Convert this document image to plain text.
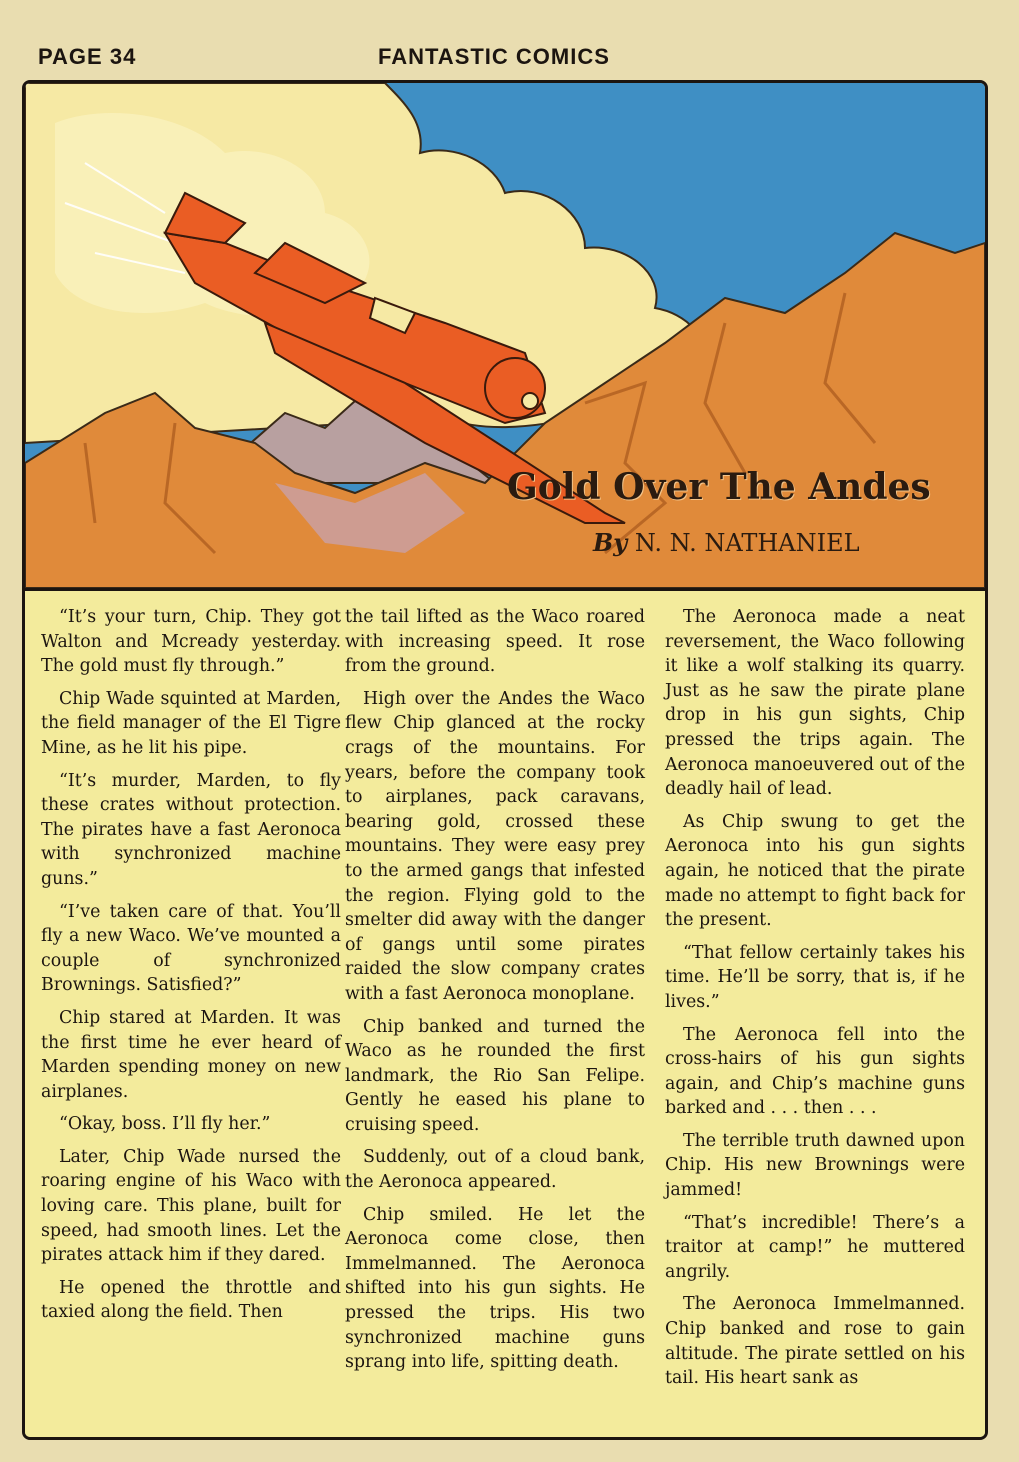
PAGE 34	FANTASTIC COMICS
Gold Over The Andes
By N. N. NATHANIEL

“It’s your turn, Chip. They got Walton and Mcready yesterday. The gold must fly through.”

Chip Wade squinted at Marden, the field manager of the El Tigre Mine, as he lit his pipe.

“It’s murder, Marden, to fly these crates without protection. The pirates have a fast Aeronoca with synchronized machine guns.”

“I’ve taken care of that. You’ll fly a new Waco. We’ve mounted a couple of synchronized Brownings. Satisfied?”

Chip stared at Marden. It was the first time he ever heard of Marden spending money on new airplanes.

“Okay, boss. I’ll fly her.”

Later, Chip Wade nursed the roaring engine of his Waco with loving care. This plane, built for speed, had smooth lines. Let the pirates attack him if they dared.

He opened the throttle and taxied along the field. Then

the tail lifted as the Waco roared with increasing speed. It rose from the ground.

High over the Andes the Waco flew Chip glanced at the rocky crags of the mountains. For years, before the company took to airplanes, pack caravans, bearing gold, crossed these mountains. They were easy prey to the armed gangs that infested the region. Flying gold to the smelter did away with the danger of gangs until some pirates raided the slow company crates with a fast Aeronoca monoplane.

Chip banked and turned the Waco as he rounded the first landmark, the Rio San Felipe. Gently he eased his plane to cruising speed.

Suddenly, out of a cloud bank, the Aeronoca appeared.

Chip smiled. He let the Aeronoca come close, then Immelmanned. The Aeronoca shifted into his gun sights. He pressed the trips. His two synchronized machine guns sprang into life, spitting death.

The Aeronoca made a neat reversement, the Waco following it like a wolf stalking its quarry. Just as he saw the pirate plane drop in his gun sights, Chip pressed the trips again. The Aeronoca manoeuvered out of the deadly hail of lead.

As Chip swung to get the Aeronoca into his gun sights again, he noticed that the pirate made no attempt to fight back for the present.

“That fellow certainly takes his time. He’ll be sorry, that is, if he lives.”

The Aeronoca fell into the cross-hairs of his gun sights again, and Chip’s machine guns barked and . . . then . . .

The terrible truth dawned upon Chip. His new Brownings were jammed!

“That’s incredible! There’s a traitor at camp!” he muttered angrily.

The Aeronoca Immelmanned. Chip banked and rose to gain altitude. The pirate settled on his tail. His heart sank as
